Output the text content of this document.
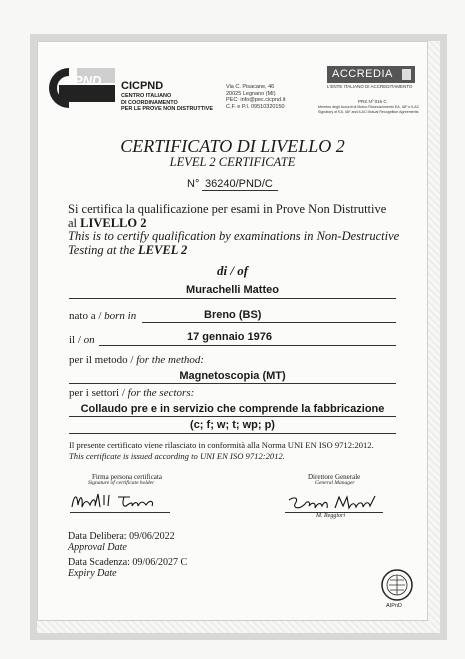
PND CICPND
CENTRO ITALIANO
DI COORDINAMENTO
PER LE PROVE NON DISTRUTTIVE
Via C. Pisacane, 46
20025 Legnano (MI)
PEC: info@pec.cicpnd.it
C.F. e P.I. 09510320150
ACCREDIA
L'ENTE ITALIANO DI ACCREDITAMENTO
PRS Nº 016 C
Membro degli Accordi di Mutuo Riconoscimento EA, IAF e ILAC
Signatory of EA, IAF and ILAC Mutual Recognition Agreements
CERTIFICATO DI LIVELLO 2
LEVEL 2 CERTIFICATE
N° 36240/PND/C
Si certifica la qualificazione per esami in Prove Non Distruttive
al LIVELLO 2
This is to certify qualification by examinations in Non-Destructive
Testing at the LEVEL 2
di / of
Murachelli Matteo
nato a / born in	Breno (BS)
il / on	17 gennaio 1976
per il metodo / for the method:
Magnetoscopia (MT)
per i settori / for the sectors:
Collaudo pre e in servizio che comprende la fabbricazione
(c; f; w; t; wp; p)
Il presente certificato viene rilasciato in conformità alla Norma UNI EN ISO 9712:2012.
This certificate is issued according to UNI EN ISO 9712:2012.
Firma persona certificata
Signature of certificate holder
Direttore Generale
General Manager
M. Reggiori
Data Delibera: 09/06/2022
Approval Date
Data Scadenza: 09/06/2027 C
Expiry Date
AIPnD
